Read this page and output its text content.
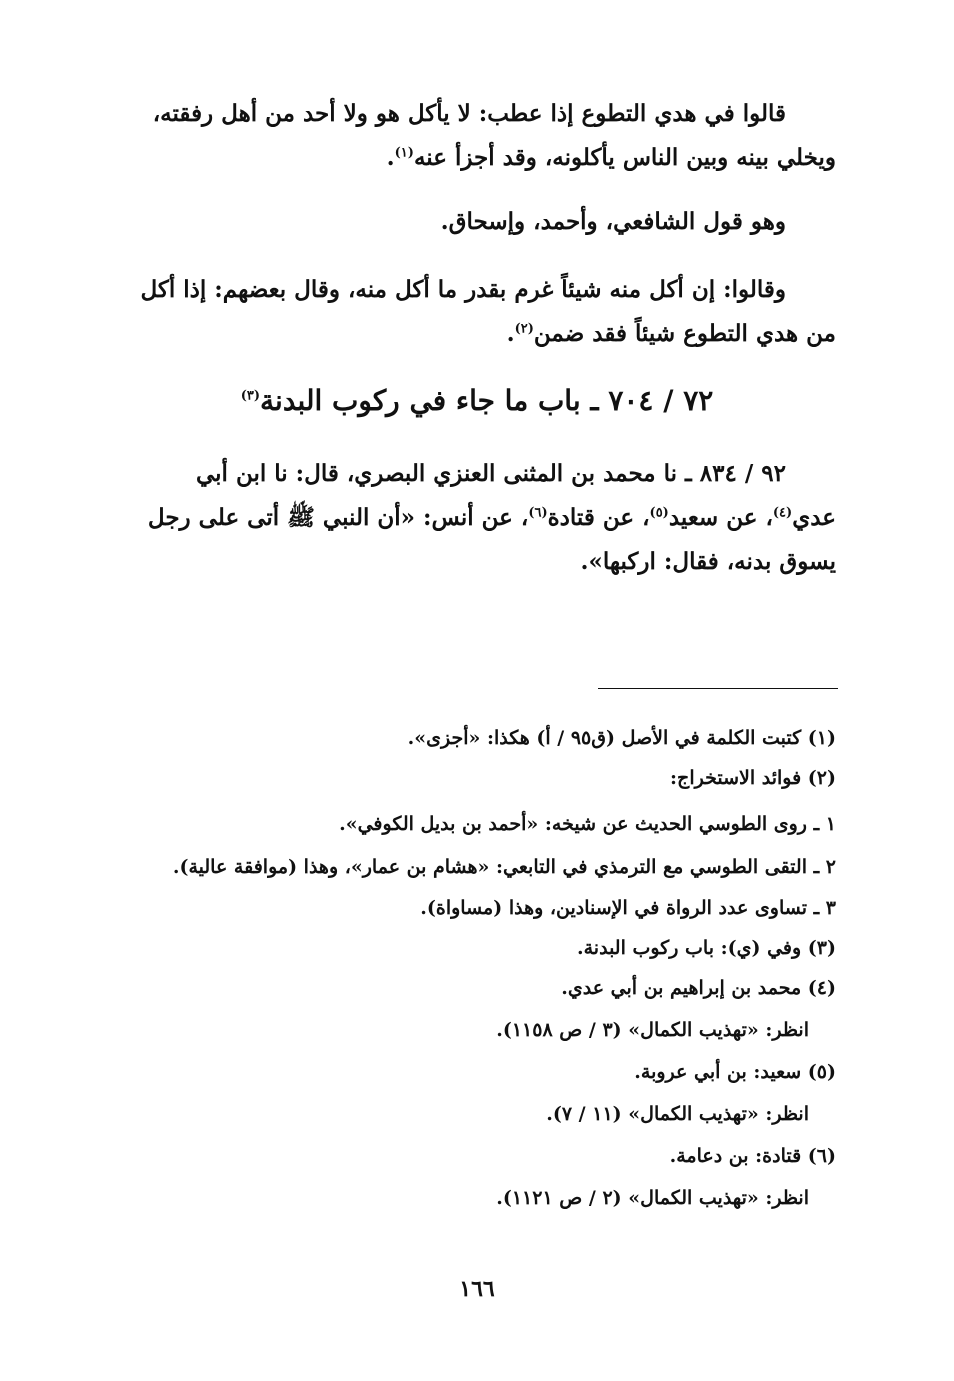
قالوا في هدي التطوع إذا عطب: لا يأكل هو ولا أحد من أهل رفقته،
ويخلي بينه وبين الناس يأكلونه، وقد أجزأ عنه$^{(١)}$.
وهو قول الشافعي، وأحمد، وإسحاق.
وقالوا: إن أكل منه شيئاً غرم بقدر ما أكل منه، وقال بعضهم: إذا أكل
من هدي التطوع شيئاً فقد ضمن$^{(٢)}$.
٧٢ / ٧٠٤ ـ باب ما جاء في ركوب البدنة$^{(٣)}$
٩٢ / ٨٣٤ ـ نا محمد بن المثنى العنزي البصري، قال: نا ابن أبي
عدي$^{(٤)}$، عن سعيد$^{(٥)}$، عن قتادة$^{(٦)}$، عن أنس: «أن النبي ﷺ أتى على رجل
يسوق بدنه، فقال: اركبها».
(١) كتبت الكلمة في الأصل (ق٩٥ / أ) هكذا: «أجزى».
(٢) فوائد الاستخراج:
١ ـ روى الطوسي الحديث عن شيخه: «أحمد بن بديل الكوفي».
٢ ـ التقى الطوسي مع الترمذي في التابعي: «هشام بن عمار»، وهذا (موافقة عالية).
٣ ـ تساوى عدد الرواة في الإسنادين، وهذا (مساواة).
(٣) وفي (ي): باب ركوب البدنة.
(٤) محمد بن إبراهيم بن أبي عدي.
انظر: «تهذيب الكمال» (٣ / ص ١١٥٨).
(٥) سعيد: بن أبي عروبة.
انظر: «تهذيب الكمال» (١١ / ٧).
(٦) قتادة: بن دعامة.
انظر: «تهذيب الكمال» (٢ / ص ١١٢١).
١٦٦
